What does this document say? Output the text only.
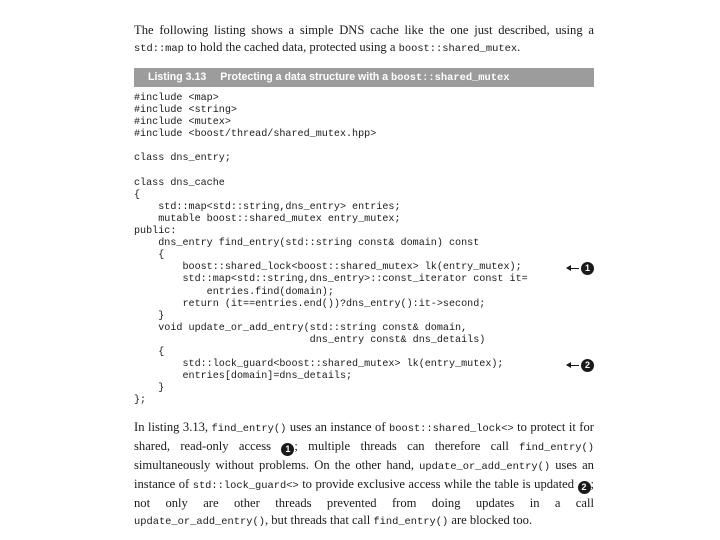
The following listing shows a simple DNS cache like the one just described, using a std::map to hold the cached data, protected using a boost::shared_mutex.

Listing 3.13 Protecting a data structure with a boost::shared_mutex
#include <map>
#include <string>
#include <mutex>
#include <boost/thread/shared_mutex.hpp>
class dns_entry;
class dns_cache
{
std::map<std::string,dns_entry> entries;
mutable boost::shared_mutex entry_mutex;
public:
dns_entry find_entry(std::string const& domain) const
{
boost::shared_lock<boost::shared_mutex> lk(entry_mutex);
std::map<std::string,dns_entry>::const_iterator const it=
entries.find(domain);
return (it==entries.end())?dns_entry():it->second;
}
void update_or_add_entry(std::string const& domain,
dns_entry const& dns_details)
{
std::lock_guard<boost::shared_mutex> lk(entry_mutex);
entries[domain]=dns_details;
}
};
1
2

In listing 3.13, find_entry() uses an instance of boost::shared_lock<> to protect it for shared, read-only access 1 ; multiple threads can therefore call find_entry() simultaneously without problems. On the other hand, update_or_add_entry() uses an instance of std::lock_guard<> to provide exclusive access while the table is updated 2 ; not only are other threads prevented from doing updates in a call update_or_add_entry(), but threads that call find_entry() are blocked too.
